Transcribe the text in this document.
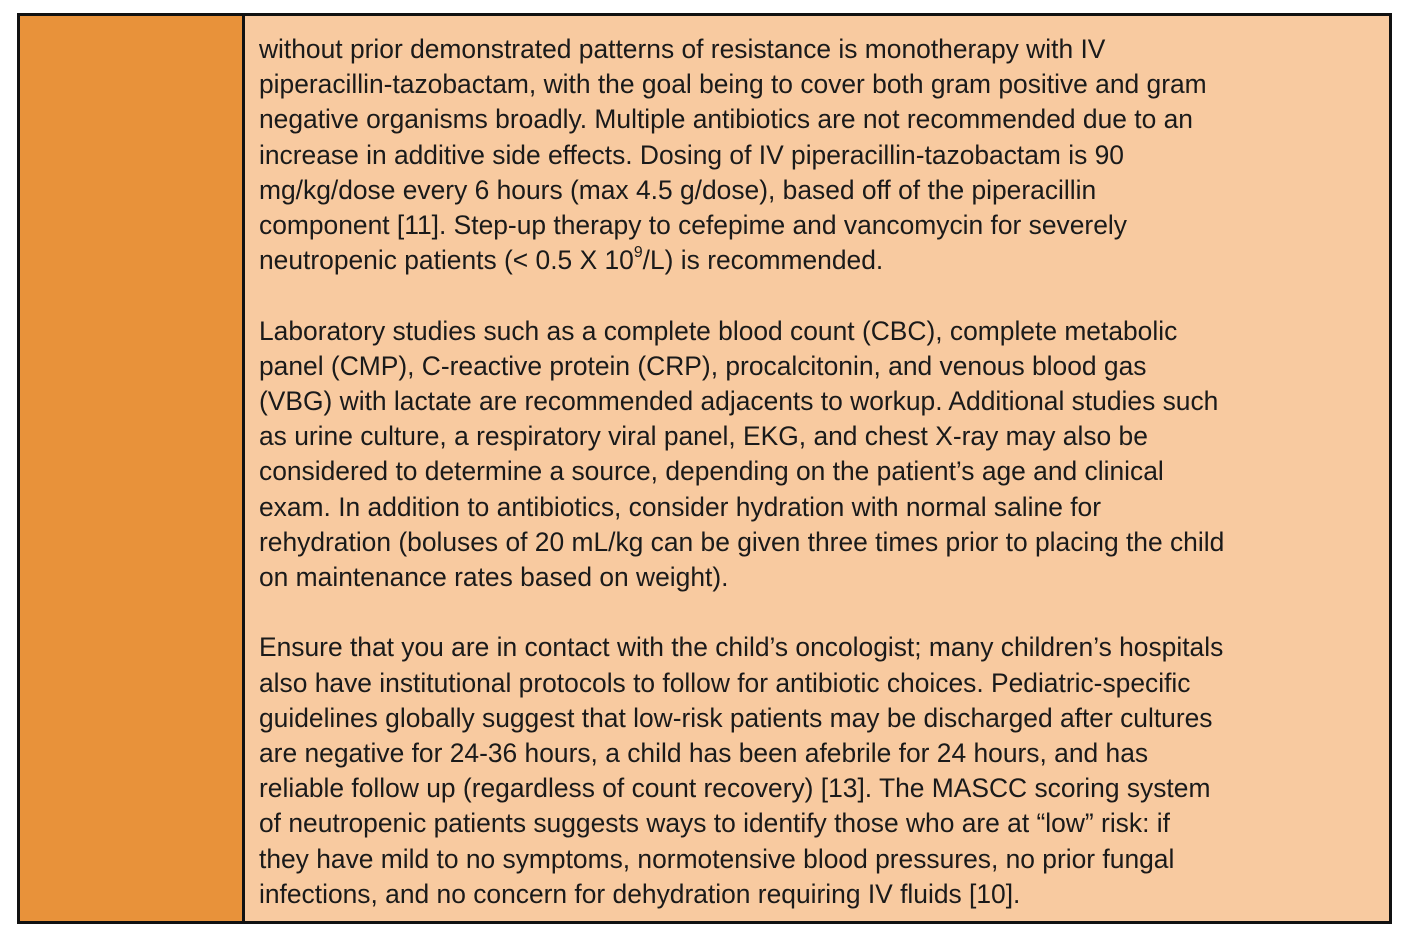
without prior demonstrated patterns of resistance is monotherapy with IV
piperacillin-tazobactam, with the goal being to cover both gram positive and gram
negative organisms broadly. Multiple antibiotics are not recommended due to an
increase in additive side effects. Dosing of IV piperacillin-tazobactam is 90
mg/kg/dose every 6 hours (max 4.5 g/dose), based off of the piperacillin
component [11]. Step-up therapy to cefepime and vancomycin for severely
neutropenic patients (< 0.5 X $10^9/L$) is recommended.

Laboratory studies such as a complete blood count (CBC), complete metabolic
panel (CMP), C-reactive protein (CRP), procalcitonin, and venous blood gas
(VBG) with lactate are recommended adjacents to workup. Additional studies such
as urine culture, a respiratory viral panel, EKG, and chest X-ray may also be
considered to determine a source, depending on the patient’s age and clinical
exam. In addition to antibiotics, consider hydration with normal saline for
rehydration (boluses of 20 mL/kg can be given three times prior to placing the child
on maintenance rates based on weight).

Ensure that you are in contact with the child’s oncologist; many children’s hospitals
also have institutional protocols to follow for antibiotic choices. Pediatric-specific
guidelines globally suggest that low-risk patients may be discharged after cultures
are negative for 24-36 hours, a child has been afebrile for 24 hours, and has
reliable follow up (regardless of count recovery) [13]. The MASCC scoring system
of neutropenic patients suggests ways to identify those who are at “low” risk: if
they have mild to no symptoms, normotensive blood pressures, no prior fungal
infections, and no concern for dehydration requiring IV fluids [10].
